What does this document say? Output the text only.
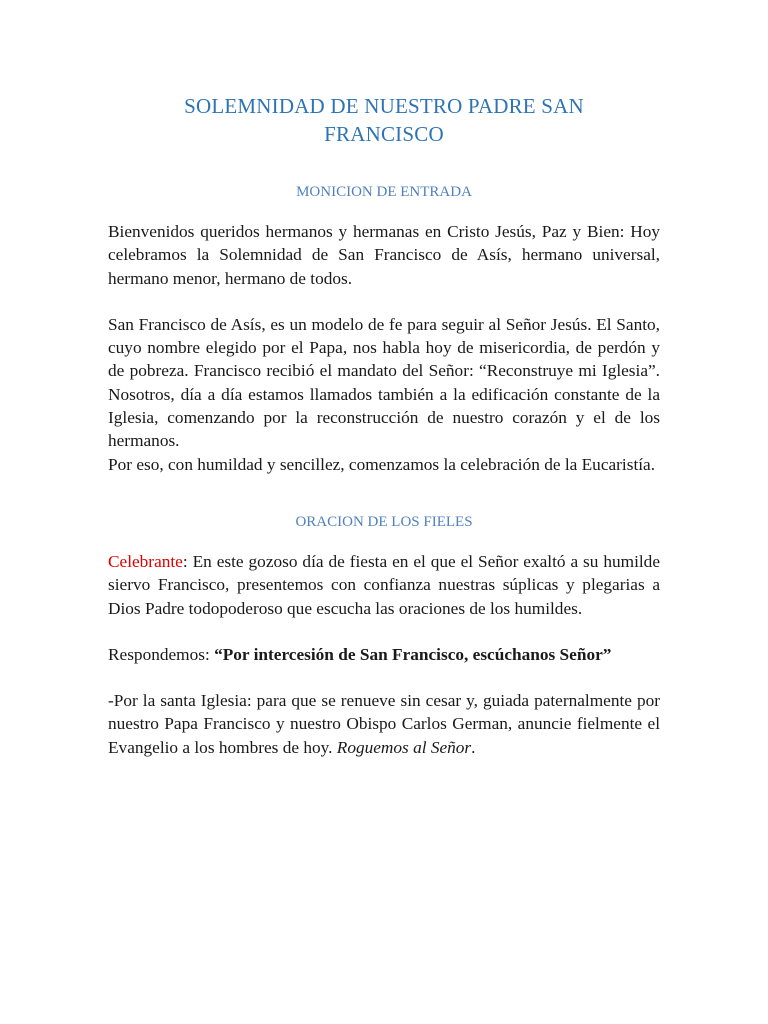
SOLEMNIDAD DE NUESTRO PADRE SAN
FRANCISCO
MONICION DE ENTRADA

Bienvenidos queridos hermanos y hermanas en Cristo Jesús, Paz y Bien: Hoy celebramos la Solemnidad de San Francisco de Asís, hermano universal, hermano menor, hermano de todos.

San Francisco de Asís, es un modelo de fe para seguir al Señor Jesús. El Santo, cuyo nombre elegido por el Papa, nos habla hoy de misericordia, de perdón y de pobreza. Francisco recibió el mandato del Señor: “Reconstruye mi Iglesia”. Nosotros, día a día estamos llamados también a la edificación constante de la Iglesia, comenzando por la reconstrucción de nuestro corazón y el de los hermanos.

Por eso, con humildad y sencillez, comenzamos la celebración de la Eucaristía.

ORACION DE LOS FIELES

Celebrante: En este gozoso día de fiesta en el que el Señor exaltó a su humilde siervo Francisco, presentemos con confianza nuestras súplicas y plegarias a Dios Padre todopoderoso que escucha las oraciones de los humildes.

Respondemos: “Por intercesión de San Francisco, escúchanos Señor”

-Por la santa Iglesia: para que se renueve sin cesar y, guiada paternalmente por nuestro Papa Francisco y nuestro Obispo Carlos German, anuncie fielmente el Evangelio a los hombres de hoy. Roguemos al Señor.
